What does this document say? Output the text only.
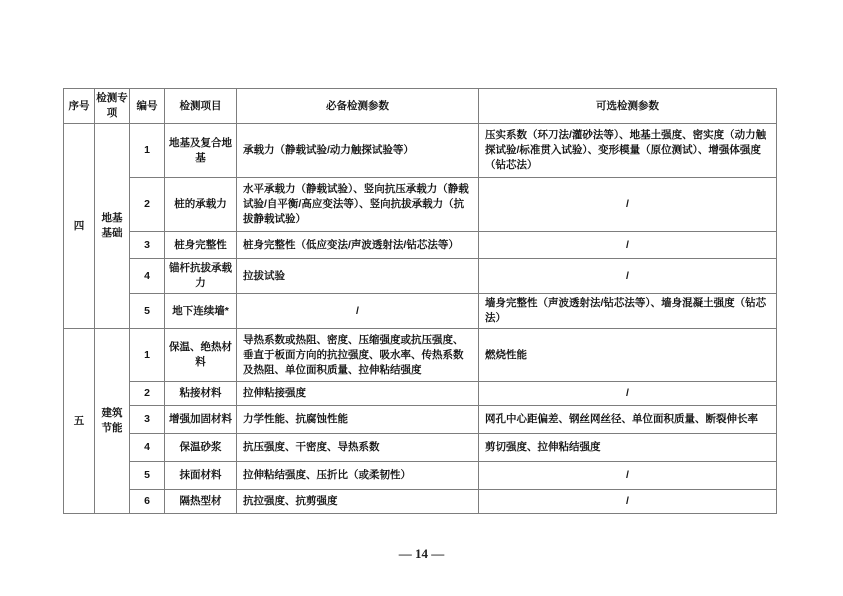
序号	检测专项	编号	检测项目	必备检测参数	可选检测参数
四	地基基础	1	地基及复合地基	承载力（静载试验/动力触探试验等）	压实系数（环刀法/灌砂法等）、地基土强度、密实度（动力触探试验/标准贯入试验）、变形模量（原位测试）、增强体强度（钻芯法）
		2	桩的承载力	水平承载力（静载试验）、竖向抗压承载力（静载试验/自平衡/高应变法等）、竖向抗拔承载力（抗拔静载试验）	/
		3	桩身完整性	桩身完整性（低应变法/声波透射法/钻芯法等）	/
		4	锚杆抗拔承载力	拉拔试验	/
		5	地下连续墙*	/	墙身完整性（声波透射法/钻芯法等）、墙身混凝土强度（钻芯法）
五	建筑节能	1	保温、绝热材料	导热系数或热阻、密度、压缩强度或抗压强度、垂直于板面方向的抗拉强度、吸水率、传热系数及热阻、单位面积质量、拉伸粘结强度	燃烧性能
		2	粘接材料	拉伸粘接强度	/
		3	增强加固材料	力学性能、抗腐蚀性能	网孔中心距偏差、钢丝网丝径、单位面积质量、断裂伸长率
		4	保温砂浆	抗压强度、干密度、导热系数	剪切强度、拉伸粘结强度
		5	抹面材料	拉伸粘结强度、压折比（或柔韧性）	/
		6	隔热型材	抗拉强度、抗剪强度	/
— 14 —
